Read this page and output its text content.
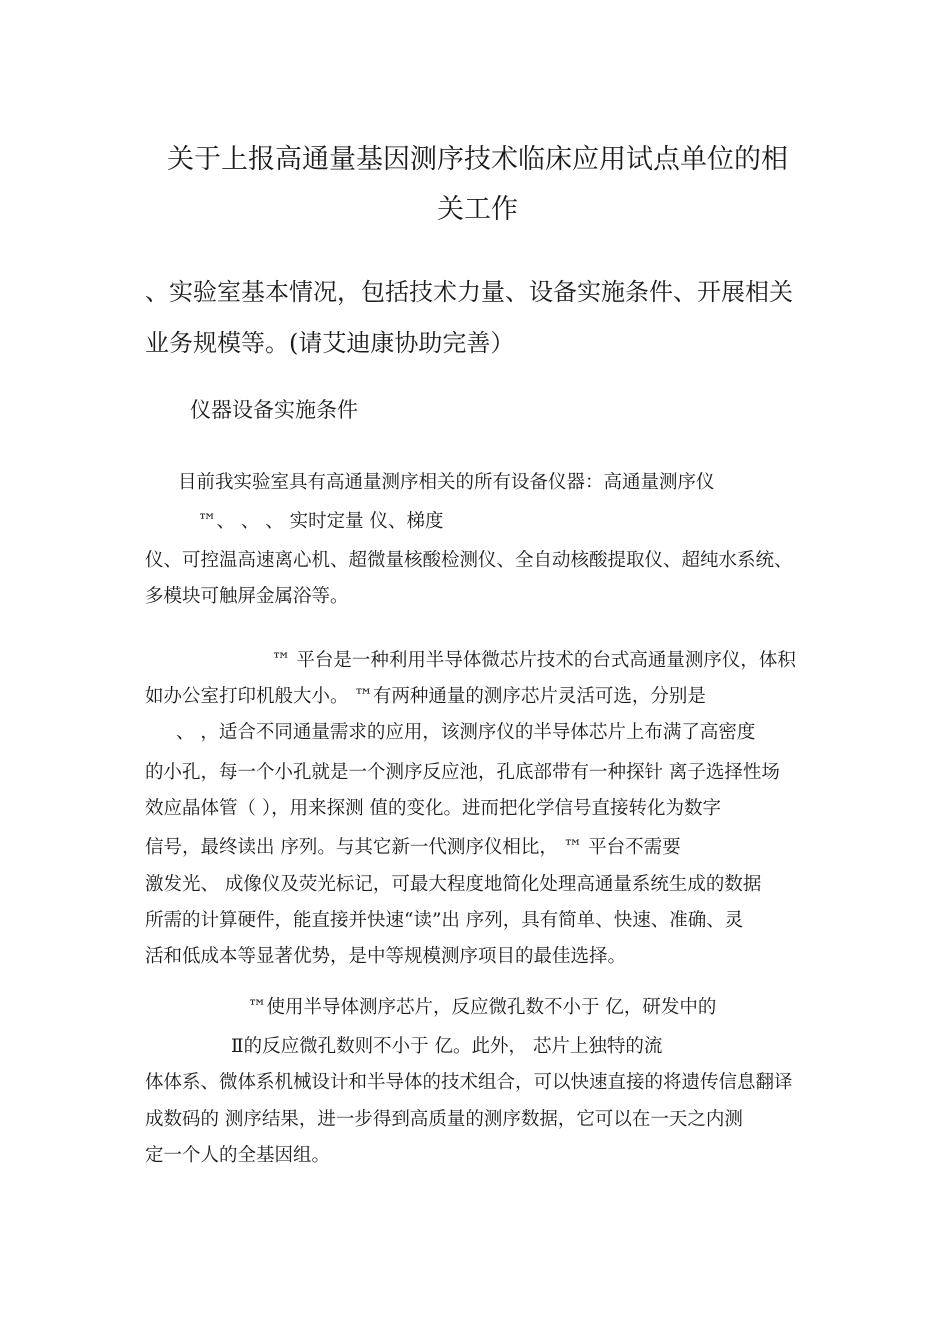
关于上报高通量基因测序技术临床应用试点单位的相
关工作
、实验室基本情况，包括技术力量、设备实施条件、开展相关
业务规模等。(请艾迪康协助完善）
仪器设备实施条件
目前我实验室具有高通量测序相关的所有设备仪器：高通量测序仪
™、 、 、 实时定量 仪、梯度
仪、可控温高速离心机、超微量核酸检测仪、全自动核酸提取仪、超纯水系统、
多模块可触屏金属浴等。
™ 平台是一种利用半导体微芯片技术的台式高通量测序仪，体积
如办公室打印机般大小。 ™有两种通量的测序芯片灵活可选，分别是
、 ，适合不同通量需求的应用，该测序仪的半导体芯片上布满了高密度
的小孔，每一个小孔就是一个测序反应池，孔底部带有一种探针 离子选择性场
效应晶体管（ ），用来探测 值的变化。进而把化学信号直接转化为数字
信号，最终读出 序列。与其它新一代测序仪相比， ™ 平台不需要
激发光、 成像仪及荧光标记，可最大程度地简化处理高通量系统生成的数据
所需的计算硬件，能直接并快速“读”出 序列，具有简单、快速、准确、灵
活和低成本等显著优势，是中等规模测序项目的最佳选择。
™使用半导体测序芯片，反应微孔数不小于 亿，研发中的
Ⅱ的反应微孔数则不小于 亿。此外， 芯片上独特的流
体体系、微体系机械设计和半导体的技术组合，可以快速直接的将遗传信息翻译
成数码的 测序结果，进一步得到高质量的测序数据，它可以在一天之内测
定一个人的全基因组。
